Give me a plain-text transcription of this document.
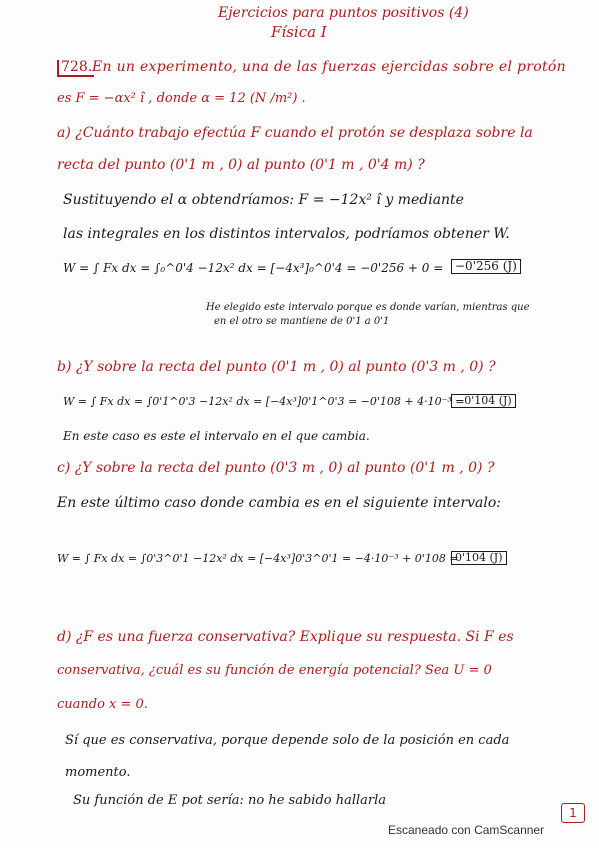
Ejercicios para puntos positivos (4)
Física I
728. En un experimento, una de las fuerzas ejercidas sobre el protón
es F = −αx² î , donde α = 12 (N /m²) .
a) ¿Cuánto trabajo efectúa F cuando el protón se desplaza sobre la
recta del punto (0'1 m , 0) al punto (0'1 m , 0'4 m) ?
Sustituyendo el α obtendríamos: F = −12x² î y mediante
las integrales en los distintos intervalos, podríamos obtener W.
W = ∫ Fx dx = ∫₀^0'4 −12x² dx = [−4x³]₀^0'4 = −0'256 + 0 = −0'256 (J)
He elegido este intervalo porque es donde varían, mientras que
en el otro se mantiene de 0'1 a 0'1
b) ¿Y sobre la recta del punto (0'1 m , 0) al punto (0'3 m , 0) ?
W = ∫ Fx dx = ∫0'1^0'3 −12x² dx = [−4x³]0'1^0'3 = −0'108 + 4·10⁻³ =
−0'104 (J)
En este caso es este el intervalo en el que cambia.
c) ¿Y sobre la recta del punto (0'3 m , 0) al punto (0'1 m , 0) ?
En este último caso donde cambia es en el siguiente intervalo:
W = ∫ Fx dx = ∫0'3^0'1 −12x² dx = [−4x³]0'3^0'1 = −4·10⁻³ + 0'108 =
0'104 (J)
d) ¿F es una fuerza conservativa? Explique su respuesta. Si F es
conservativa, ¿cuál es su función de energía potencial? Sea U = 0
cuando x = 0.
Sí que es conservativa, porque depende solo de la posición en cada
momento.
Su función de E pot sería: no he sabido hallarla
1
Escaneado con CamScanner
